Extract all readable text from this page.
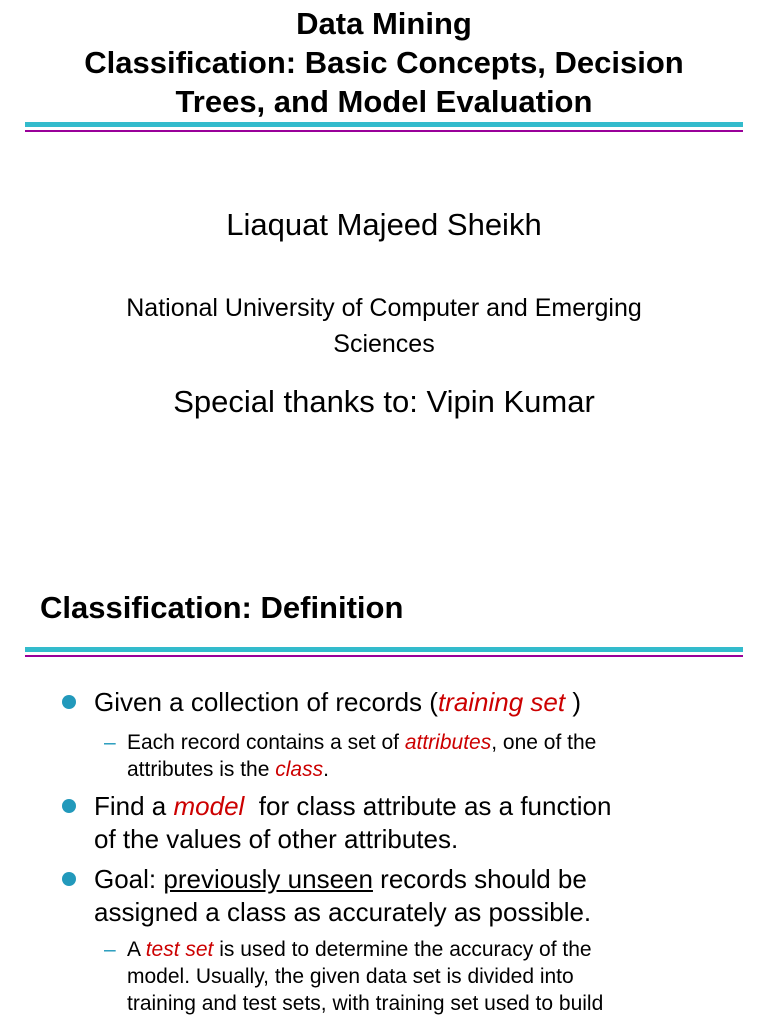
Data Mining
Classification: Basic Concepts, Decision
Trees, and Model Evaluation
Liaquat Majeed Sheikh
National University of Computer and Emerging
Sciences
Special thanks to: Vipin Kumar
Classification: Definition
Given a collection of records (training set )
– Each record contains a set of attributes, one of the
attributes is the class.
Find a model  for class attribute as a function
of the values of other attributes.
Goal: previously unseen records should be
assigned a class as accurately as possible.
– A test set is used to determine the accuracy of the
model. Usually, the given data set is divided into
training and test sets, with training set used to build
